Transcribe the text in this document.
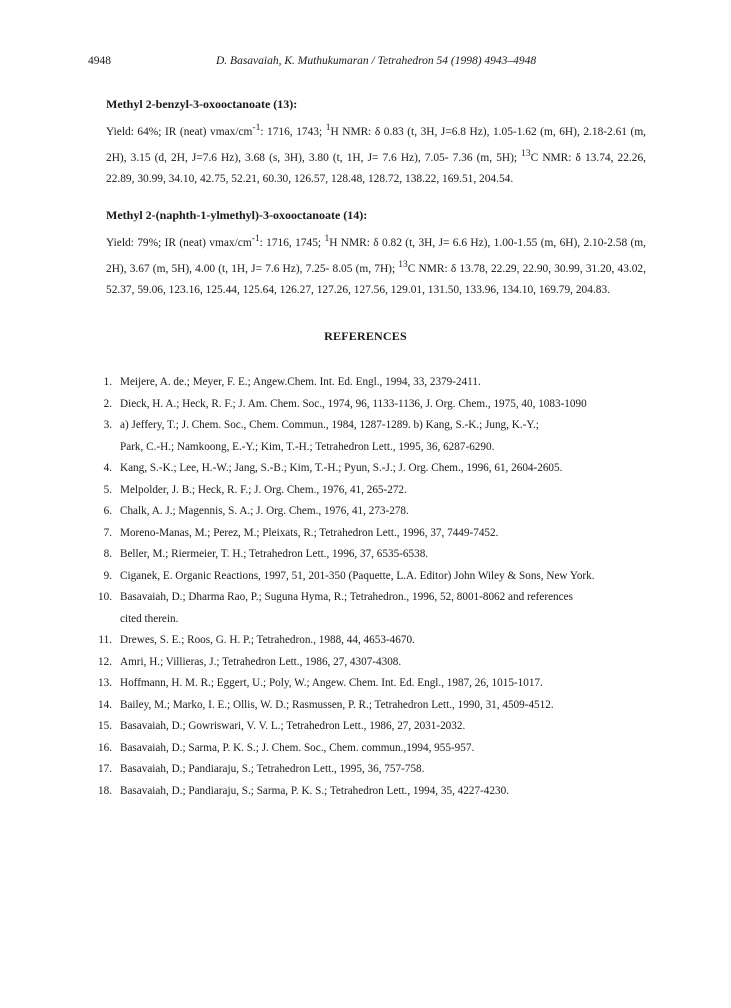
4948	D. Basavaiah, K. Muthukumaran / Tetrahedron 54 (1998) 4943–4948
Methyl 2-benzyl-3-oxooctanoate (13):
Yield: 64%; IR (neat) vmax/$cm^{-1}$: 1716, 1743; $^1$H NMR: δ 0.83 (t, 3H, J=6.8 Hz), 1.05-1.62 (m, 6H), 2.18-2.61 (m, 2H), 3.15 (d, 2H, J=7.6 Hz), 3.68 (s, 3H), 3.80 (t, 1H, J= 7.6 Hz), 7.05- 7.36 (m, 5H); $^{13}$C NMR: δ 13.74, 22.26, 22.89, 30.99, 34.10, 42.75, 52.21, 60.30, 126.57, 128.48, 128.72, 138.22, 169.51, 204.54.
Methyl 2-(naphth-1-ylmethyl)-3-oxooctanoate (14):
Yield: 79%; IR (neat) vmax/$cm^{-1}$: 1716, 1745; $^1$H NMR: δ 0.82 (t, 3H, J= 6.6 Hz), 1.00-1.55 (m, 6H), 2.10-2.58 (m, 2H), 3.67 (m, 5H), 4.00 (t, 1H, J= 7.6 Hz), 7.25- 8.05 (m, 7H); $^{13}$C NMR: δ 13.78, 22.29, 22.90, 30.99, 31.20, 43.02, 52.37, 59.06, 123.16, 125.44, 125.64, 126.27, 127.26, 127.56, 129.01, 131.50, 133.96, 134.10, 169.79, 204.83.
REFERENCES
1. Meijere, A. de.; Meyer, F. E.; Angew.Chem. Int. Ed. Engl., 1994, 33, 2379-2411.
2. Dieck, H. A.; Heck, R. F.; J. Am. Chem. Soc., 1974, 96, 1133-1136, J. Org. Chem., 1975, 40, 1083-1090
3. a) Jeffery, T.; J. Chem. Soc., Chem. Commun., 1984, 1287-1289. b) Kang, S.-K.; Jung, K.-Y.;
Park, C.-H.; Namkoong, E.-Y.; Kim, T.-H.; Tetrahedron Lett., 1995, 36, 6287-6290.
4. Kang, S.-K.; Lee, H.-W.; Jang, S.-B.; Kim, T.-H.; Pyun, S.-J.; J. Org. Chem., 1996, 61, 2604-2605.
5. Melpolder, J. B.; Heck, R. F.; J. Org. Chem., 1976, 41, 265-272.
6. Chalk, A. J.; Magennis, S. A.; J. Org. Chem., 1976, 41, 273-278.
7. Moreno-Manas, M.; Perez, M.; Pleixats, R.; Tetrahedron Lett., 1996, 37, 7449-7452.
8. Beller, M.; Riermeier, T. H.; Tetrahedron Lett., 1996, 37, 6535-6538.
9. Ciganek, E. Organic Reactions, 1997, 51, 201-350 (Paquette, L.A. Editor) John Wiley & Sons, New York.
10. Basavaiah, D.; Dharma Rao, P.; Suguna Hyma, R.; Tetrahedron., 1996, 52, 8001-8062 and references
cited therein.
11. Drewes, S. E.; Roos, G. H. P.; Tetrahedron., 1988, 44, 4653-4670.
12. Amri, H.; Villieras, J.; Tetrahedron Lett., 1986, 27, 4307-4308.
13. Hoffmann, H. M. R.; Eggert, U.; Poly, W.; Angew. Chem. Int. Ed. Engl., 1987, 26, 1015-1017.
14. Bailey, M.; Marko, I. E.; Ollis, W. D.; Rasmussen, P. R.; Tetrahedron Lett., 1990, 31, 4509-4512.
15. Basavaiah, D.; Gowriswari, V. V. L.; Tetrahedron Lett., 1986, 27, 2031-2032.
16. Basavaiah, D.; Sarma, P. K. S.; J. Chem. Soc., Chem. commun.,1994, 955-957.
17. Basavaiah, D.; Pandiaraju, S.; Tetrahedron Lett., 1995, 36, 757-758.
18. Basavaiah, D.; Pandiaraju, S.; Sarma, P. K. S.; Tetrahedron Lett., 1994, 35, 4227-4230.
